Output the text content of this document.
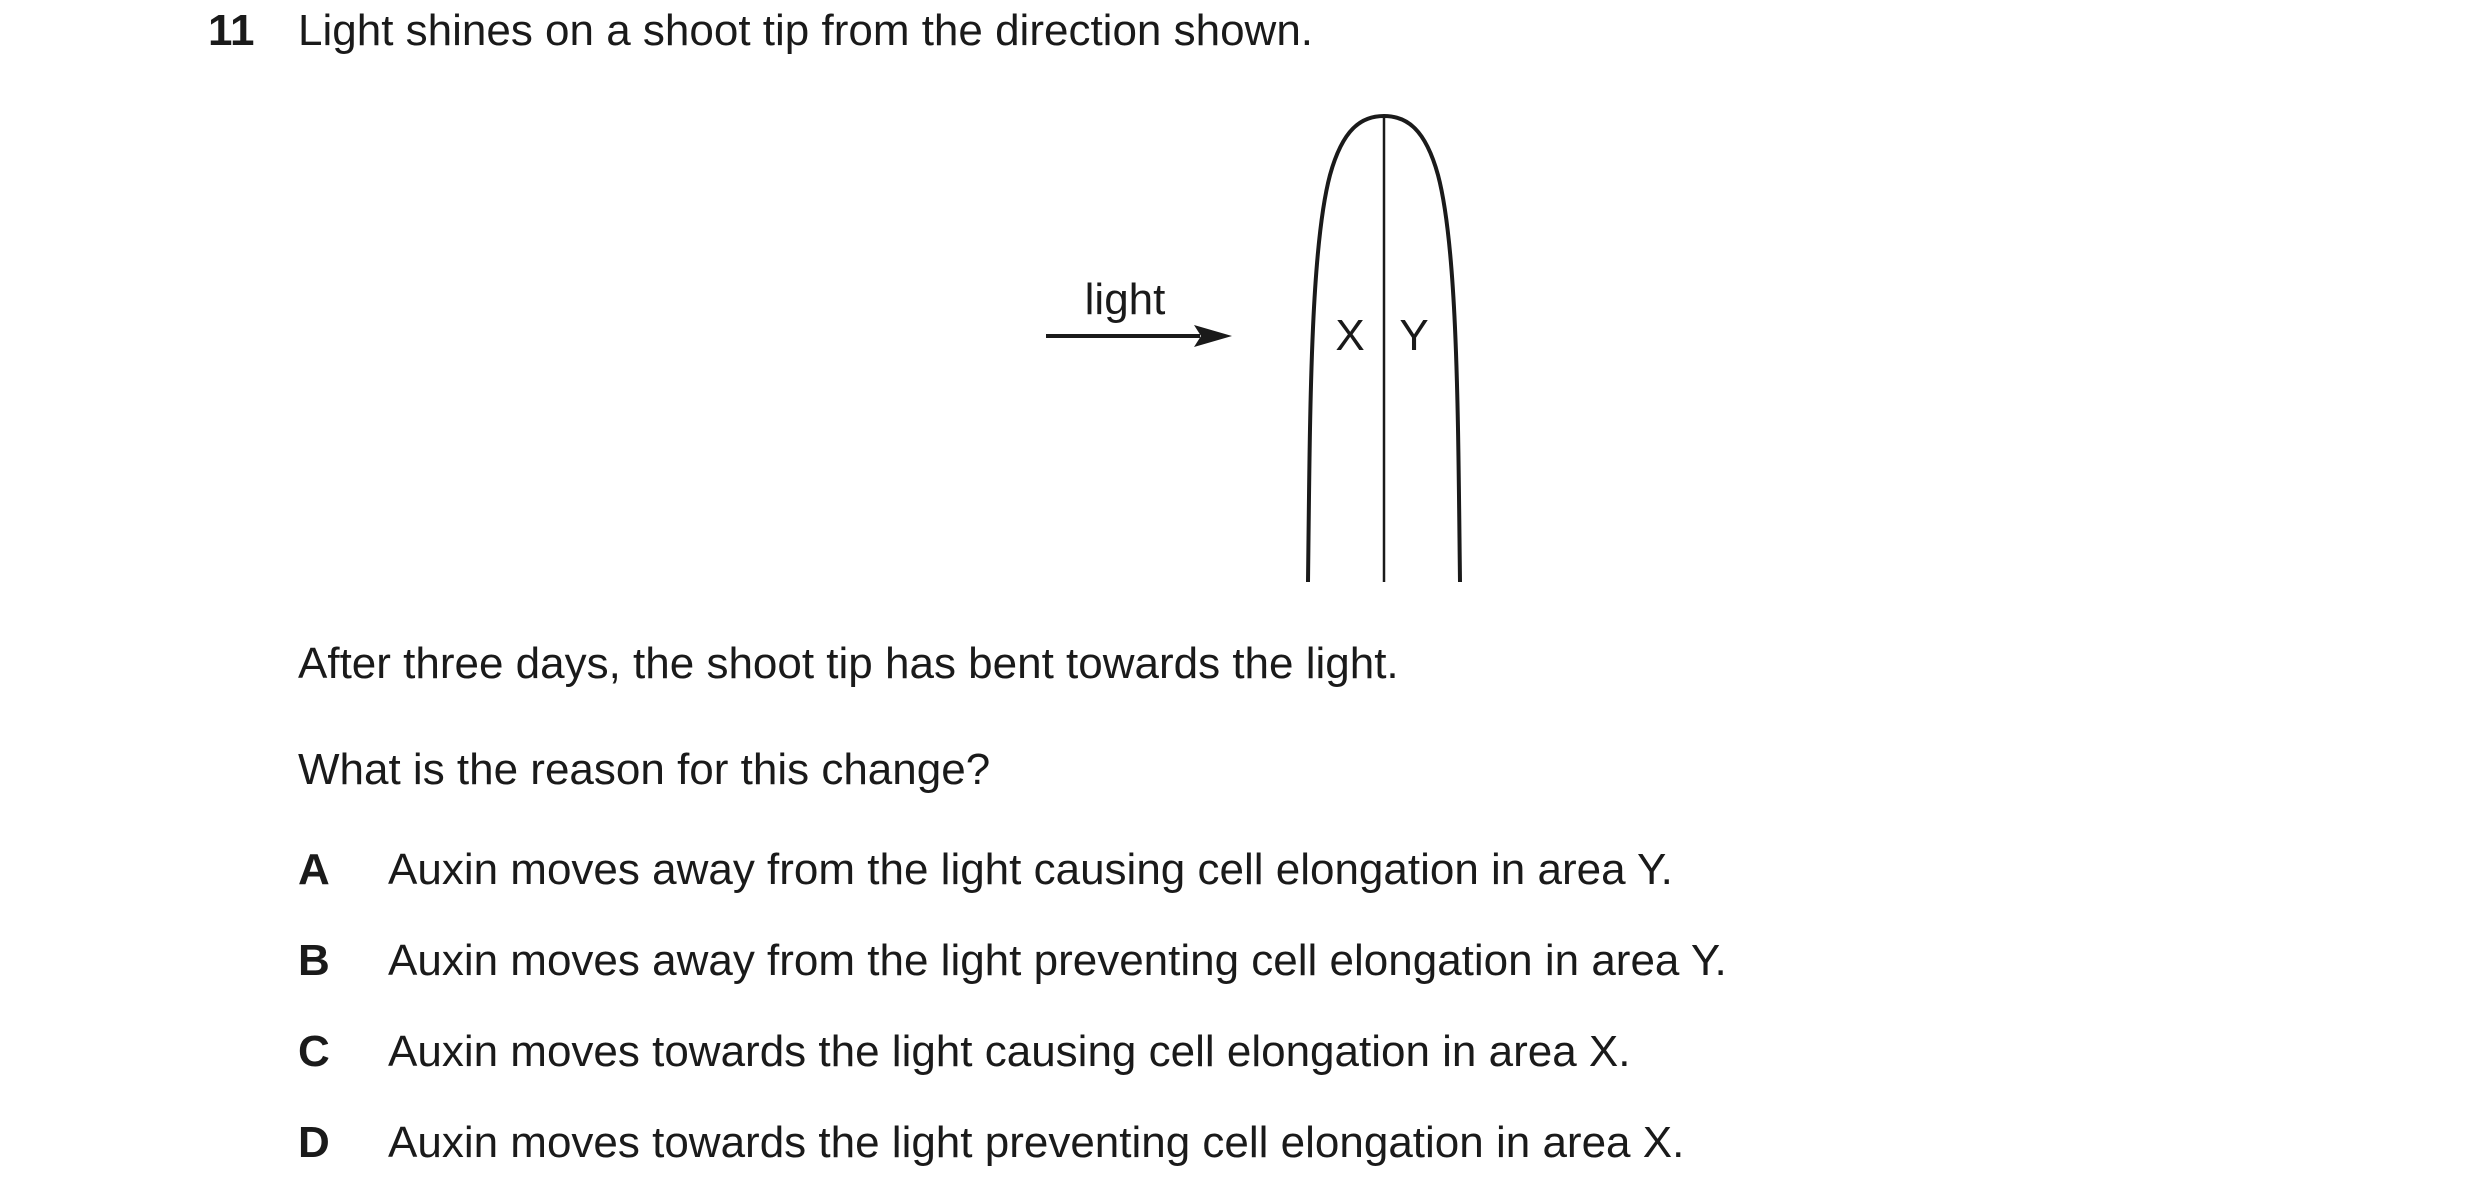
11 Light shines on a shoot tip from the direction shown.
light
X Y
After three days, the shoot tip has bent towards the light.
What is the reason for this change?
A Auxin moves away from the light causing cell elongation in area Y.
B Auxin moves away from the light preventing cell elongation in area Y.
C Auxin moves towards the light causing cell elongation in area X.
D Auxin moves towards the light preventing cell elongation in area X.
